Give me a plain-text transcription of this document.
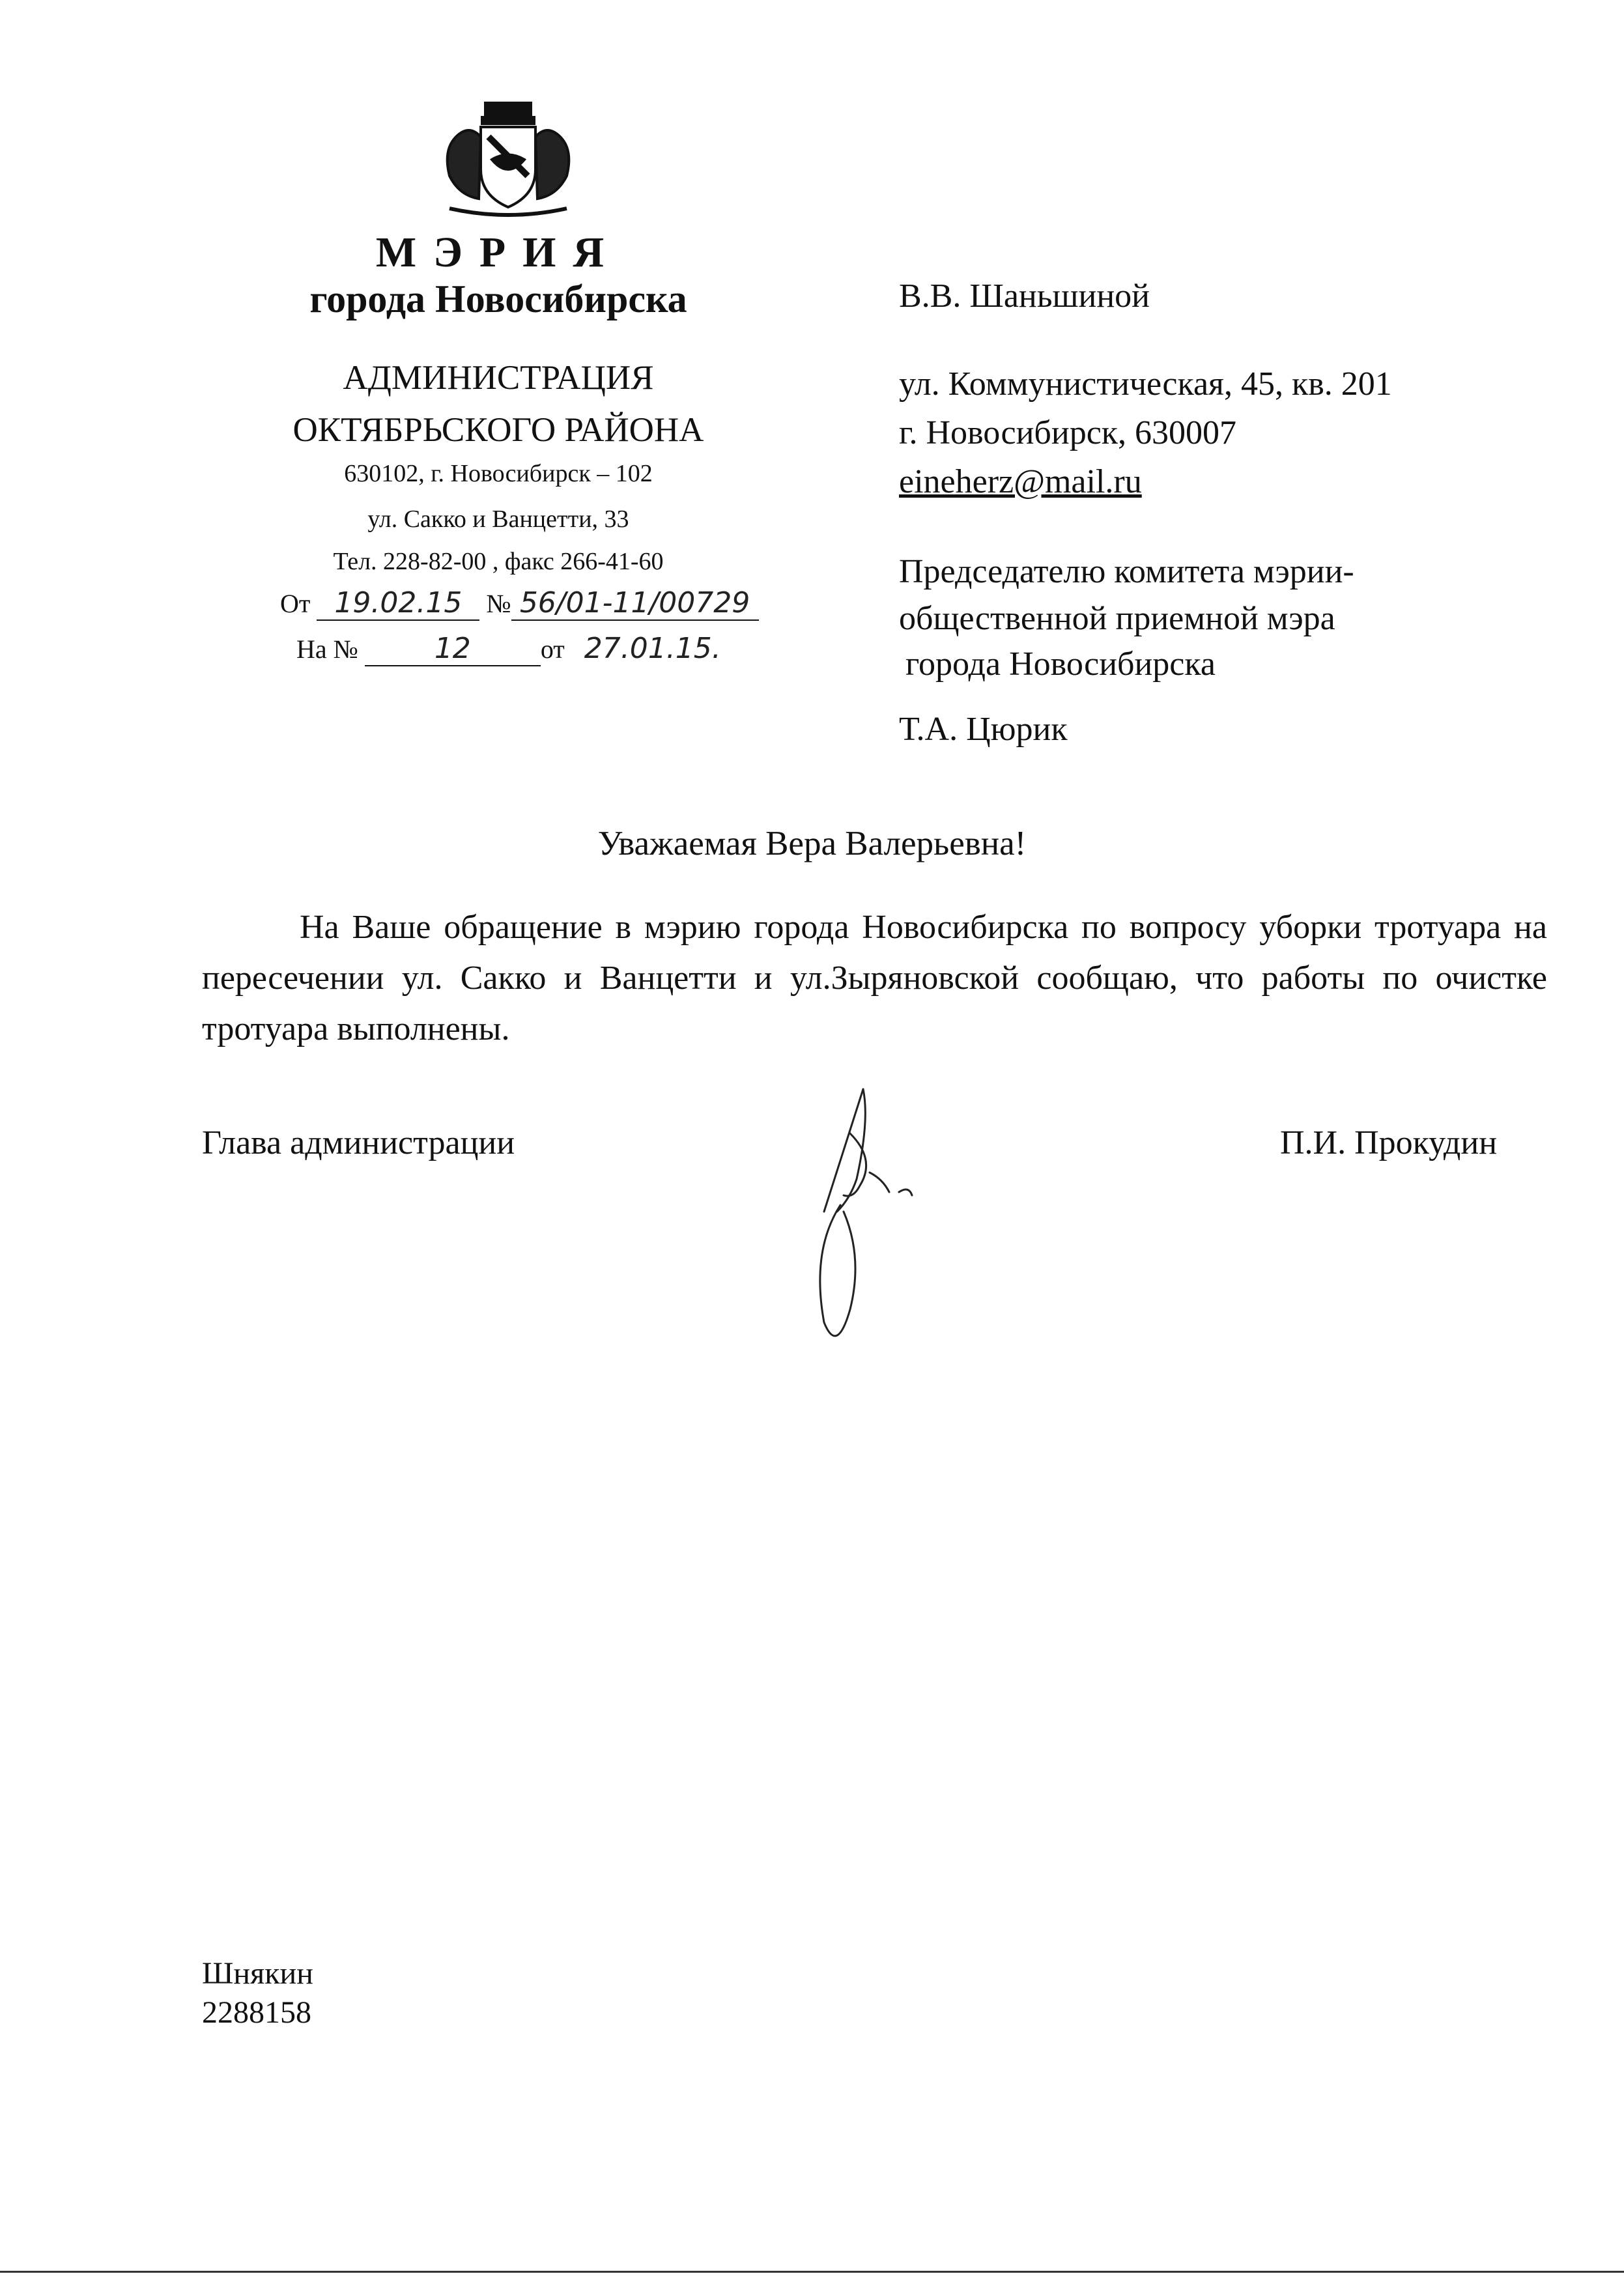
МЭРИЯ
города Новосибирска
АДМИНИСТРАЦИЯ
ОКТЯБРЬСКОГО РАЙОНА
630102, г. Новосибирск – 102
ул. Сакко и Ванцетти, 33
Тел. 228-82-00 , факс 266-41-60
От 19.02.15 № 56/01-11/00729
На №	12	от 27.01.15.
В.В. Шаньшиной
ул. Коммунистическая, 45, кв. 201
г. Новосибирск, 630007
eineherz@mail.ru
Председателю комитета мэрии-
общественной приемной мэра
города Новосибирска
Т.А. Цюрик
Уважаемая Вера Валерьевна!
На Ваше обращение в мэрию города Новосибирска по вопросу уборки тротуара на пересечении ул. Сакко и Ванцетти и ул.Зыряновской сообщаю, что работы по очистке тротуара выполнены.
Глава администрации	П.И. Прокудин
Шнякин
2288158
